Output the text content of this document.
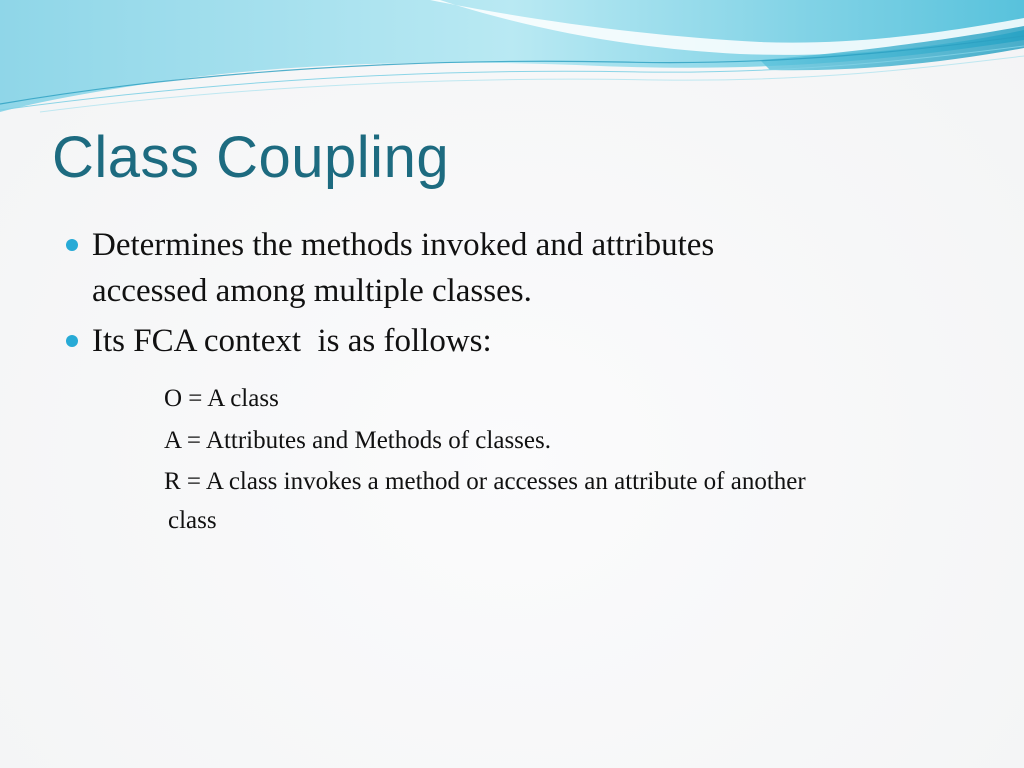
Class Coupling
Determines the methods invoked and attributes
accessed among multiple classes.
Its FCA context  is as follows:
O = A class
A = Attributes and Methods of classes.
R = A class invokes a method or accesses an attribute of another
class
